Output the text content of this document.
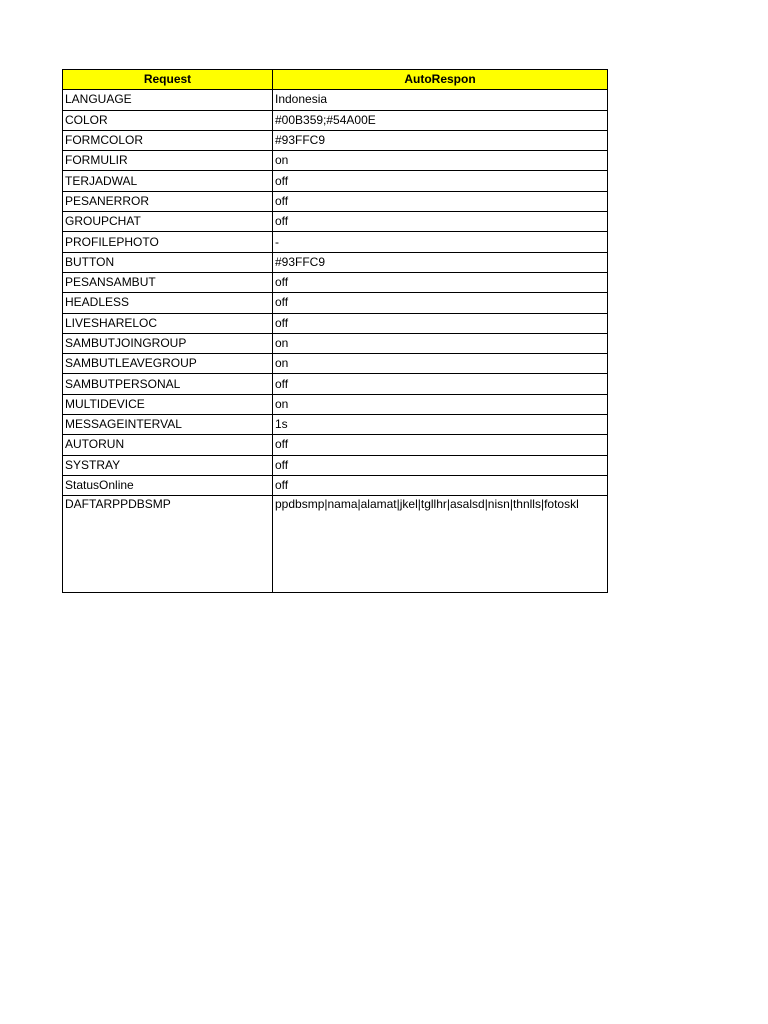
Request	AutoRespon
LANGUAGE	Indonesia
COLOR	#00B359;#54A00E
FORMCOLOR	#93FFC9
FORMULIR	on
TERJADWAL	off
PESANERROR	off
GROUPCHAT	off
PROFILEPHOTO	-
BUTTON	#93FFC9
PESANSAMBUT	off
HEADLESS	off
LIVESHARELOC	off
SAMBUTJOINGROUP	on
SAMBUTLEAVEGROUP	on
SAMBUTPERSONAL	off
MULTIDEVICE	on
MESSAGEINTERVAL	1s
AUTORUN	off
SYSTRAY	off
StatusOnline	off
DAFTARPPDBSMP	ppdbsmp|nama|alamat|jkel|tgllhr|asalsd|nisn|thnlls|fotoskl
